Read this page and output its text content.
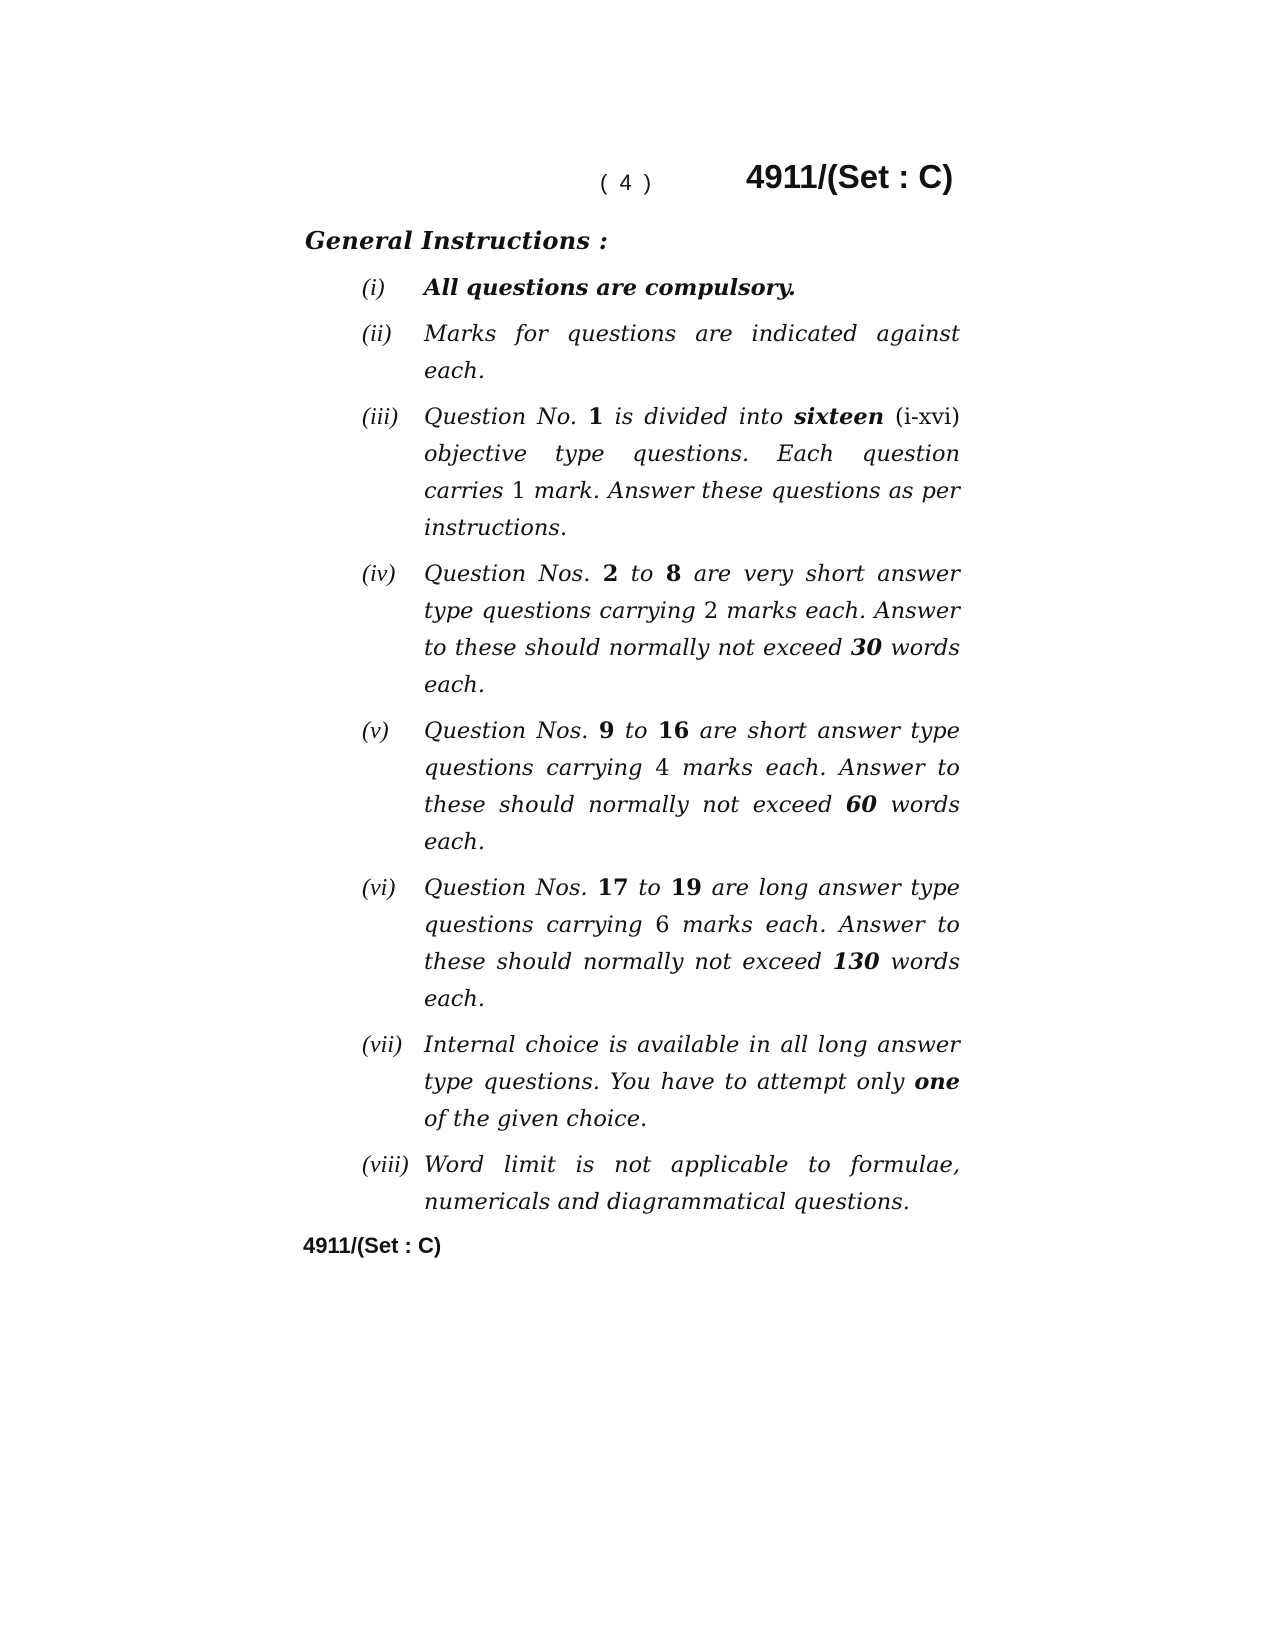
( 4 )	4911/(Set : C)
General Instructions :
(i) All questions are compulsory.
(ii) Marks for questions are indicated against each.
(iii) Question No. 1 is divided into sixteen (i-xvi) objective type questions. Each question carries 1 mark. Answer these questions as per instructions.
(iv) Question Nos. 2 to 8 are very short answer type questions carrying 2 marks each. Answer to these should normally not exceed 30 words each.
(v) Question Nos. 9 to 16 are short answer type questions carrying 4 marks each. Answer to these should normally not exceed 60 words each.
(vi) Question Nos. 17 to 19 are long answer type questions carrying 6 marks each. Answer to these should normally not exceed 130 words each.
(vii) Internal choice is available in all long answer type questions. You have to attempt only one of the given choice.
(viii) Word limit is not applicable to formulae, numericals and diagrammatical questions.
4911/(Set : C)
